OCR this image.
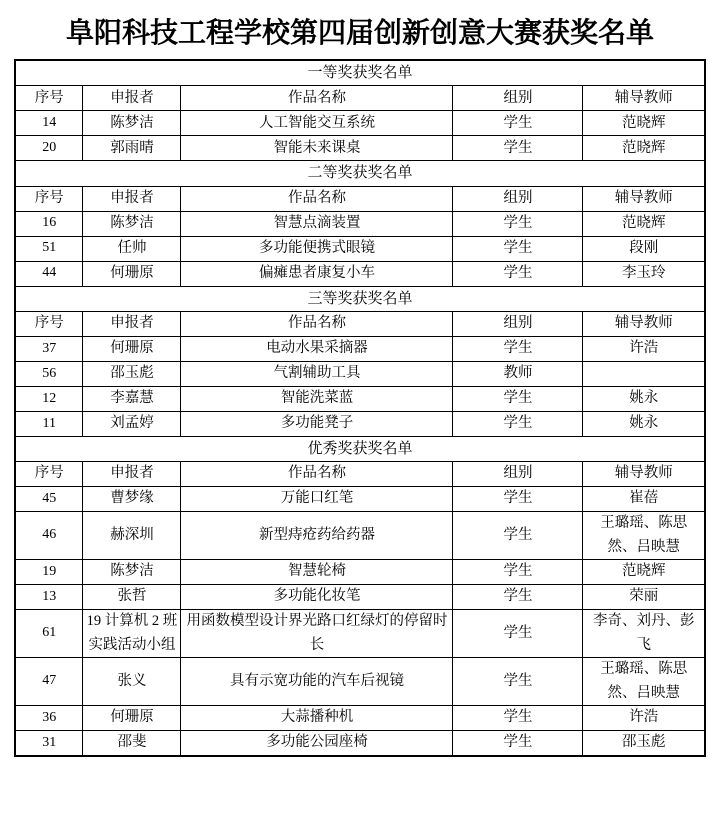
阜阳科技工程学校第四届创新创意大赛获奖名单
一等奖获奖名单				
序号	申报者	作品名称	组别	辅导教师
14	陈梦洁	人工智能交互系统	学生	范晓辉
20	郭雨晴	智能未来课桌	学生	范晓辉
二等奖获奖名单				
序号	申报者	作品名称	组别	辅导教师
16	陈梦洁	智慧点滴装置	学生	范晓辉
51	任帅	多功能便携式眼镜	学生	段刚
44	何珊原	偏瘫患者康复小车	学生	李玉玲
三等奖获奖名单				
序号	申报者	作品名称	组别	辅导教师
37	何珊原	电动水果采摘器	学生	许浩
56	邵玉彪	气割辅助工具	教师	
12	李嘉慧	智能洗菜蓝	学生	姚永
11	刘孟婷	多功能凳子	学生	姚永
优秀奖获奖名单				
序号	申报者	作品名称	组别	辅导教师
45	曹梦缘	万能口红笔	学生	崔蓓
46	赫深圳	新型痔疮药给药器	学生	王璐瑶、陈思然、吕映慧
19	陈梦洁	智慧轮椅	学生	范晓辉
13	张哲	多功能化妆笔	学生	荣丽
61	19 计算机 2 班实践活动小组	用函数模型设计界光路口红绿灯的停留时长	学生	李奇、刘丹、彭飞
47	张义	具有示宽功能的汽车后视镜	学生	王璐瑶、陈思然、吕映慧
36	何珊原	大蒜播种机	学生	许浩
31	邵斐	多功能公园座椅	学生	邵玉彪
